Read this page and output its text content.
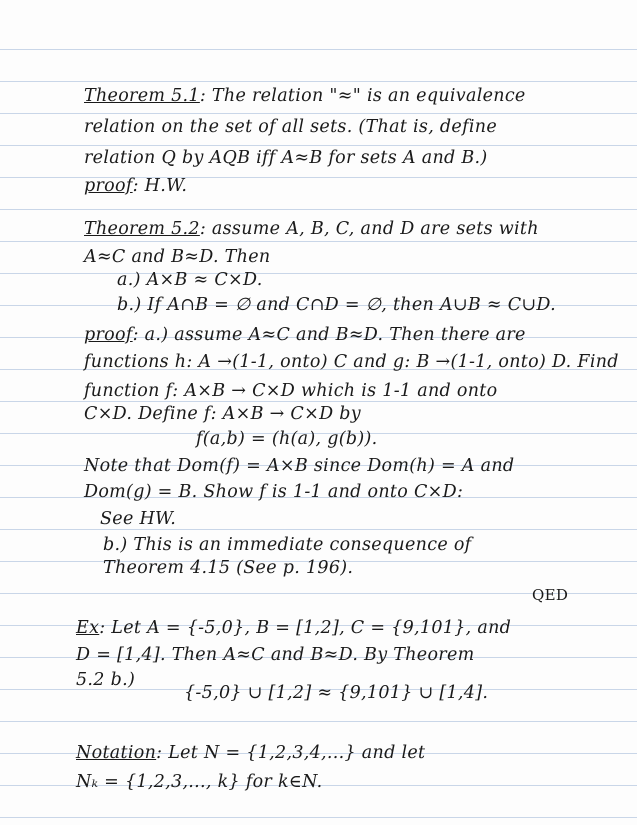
Theorem 5.1: The relation "≈" is an equivalence
relation on the set of all sets. (That is, define
relation Q by AQB iff A≈B for sets A and B.)
proof: H.W.
Theorem 5.2: assume A, B, C, and D are sets with
A≈C and B≈D. Then
a.) A×B ≈ C×D.
b.) If A∩B = ∅ and C∩D = ∅, then A∪B ≈ C∪D.
proof: a.) assume A≈C and B≈D. Then there are
functions h: A →(1-1, onto) C and g: B →(1-1, onto) D. Find
function f: A×B → C×D which is 1-1 and onto
C×D. Define f: A×B → C×D by
f(a,b) = (h(a), g(b)).
Note that Dom(f) = A×B since Dom(h) = A and
Dom(g) = B. Show f is 1-1 and onto C×D:
See HW.
b.) This is an immediate consequence of
Theorem 4.15 (See p. 196).
QED
Ex: Let A = {-5,0}, B = [1,2], C = {9,101}, and
D = [1,4]. Then A≈C and B≈D. By Theorem
5.2 b.)
{-5,0} ∪ [1,2] ≈ {9,101} ∪ [1,4].
Notation: Let N = {1,2,3,4,...} and let
Nₖ = {1,2,3,..., k} for k∈N.
